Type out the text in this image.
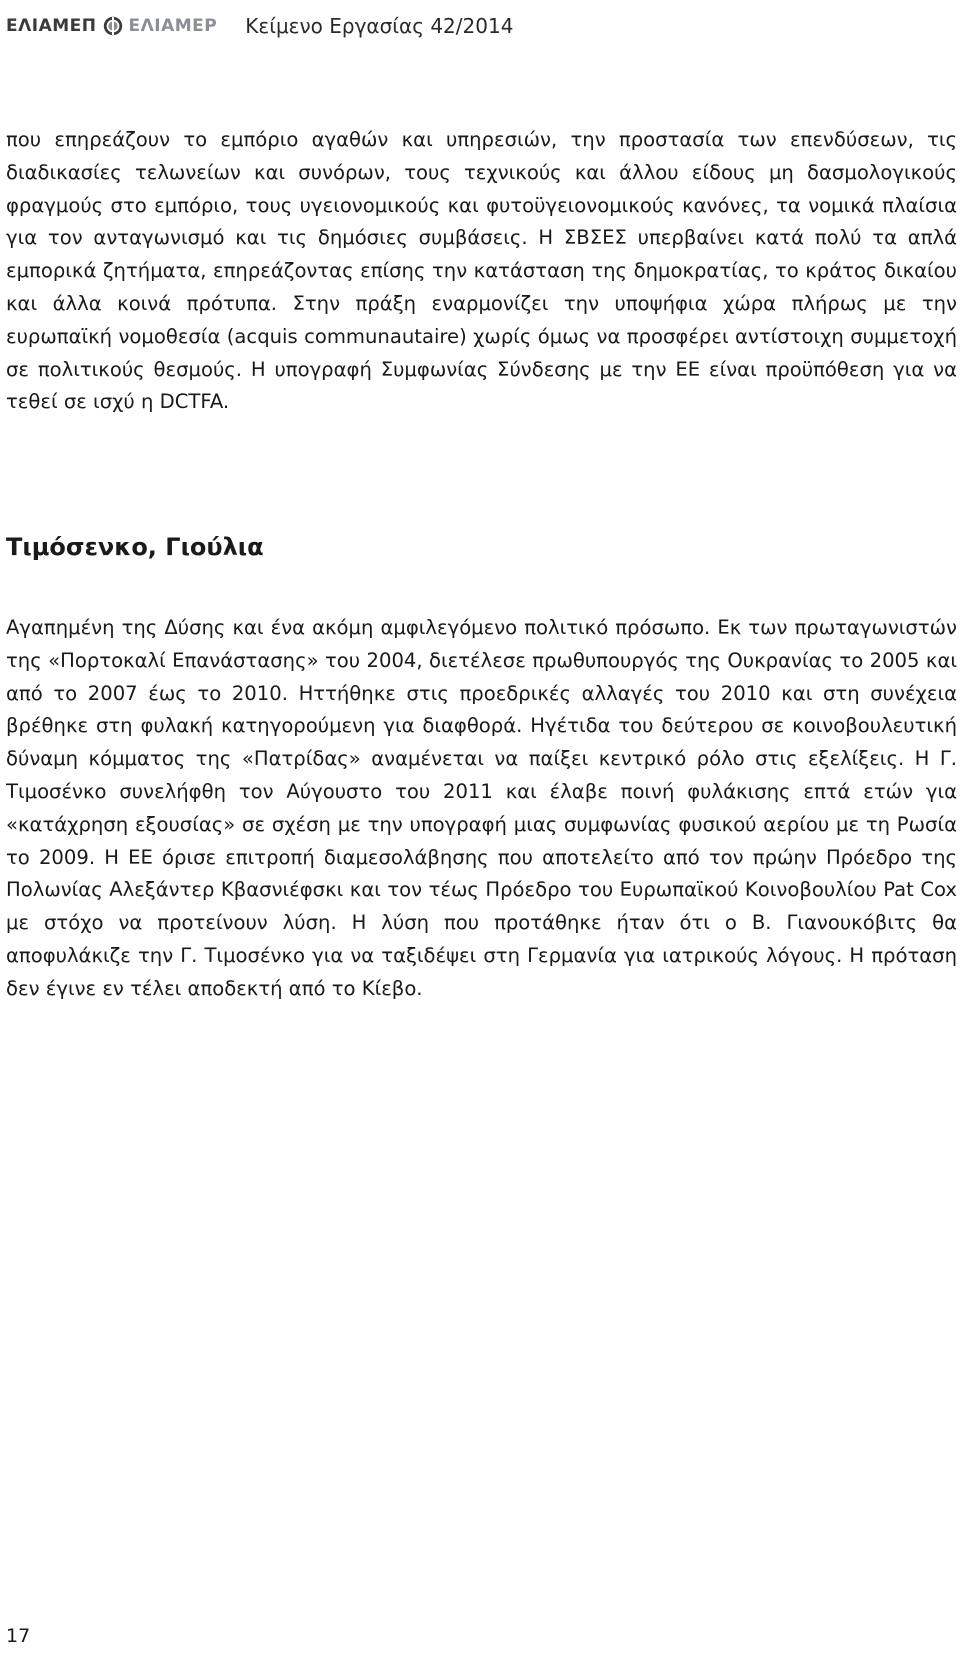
ΕΛΙΑΜΕΠ ΕΛΙΑΜΕΡ Κείμενο Εργασίας 42/2014

που επηρεάζουν το εμπόριο αγαθών και υπηρεσιών, την προστασία των επενδύσεων, τις διαδικασίες τελωνείων και συνόρων, τους τεχνικούς και άλλου είδους μη δασμολογικούς φραγμούς στο εμπόριο, τους υγειονομικούς και φυτοϋγειονομικούς κανόνες, τα νομικά πλαίσια για τον ανταγωνισμό και τις δημόσιες συμβάσεις. Η ΣΒΣΕΣ υπερβαίνει κατά πολύ τα απλά εμπορικά ζητήματα, επηρεάζοντας επίσης την κατάσταση της δημοκρατίας, το κράτος δικαίου και άλλα κοινά πρότυπα. Στην πράξη εναρμονίζει την υποψήφια χώρα πλήρως με την ευρωπαϊκή νομοθεσία (acquis communautaire) χωρίς όμως να προσφέρει αντίστοιχη συμμετοχή σε πολιτικούς θεσμούς. Η υπογραφή Συμφωνίας Σύνδεσης με την ΕΕ είναι προϋπόθεση για να τεθεί σε ισχύ η DCTFA.

Τιμόσενκο, Γιούλια

Αγαπημένη της Δύσης και ένα ακόμη αμφιλεγόμενο πολιτικό πρόσωπο. Εκ των πρωταγωνιστών της «Πορτοκαλί Επανάστασης» του 2004, διετέλεσε πρωθυπουργός της Ουκρανίας το 2005 και από το 2007 έως το 2010. Ηττήθηκε στις προεδρικές αλλαγές του 2010 και στη συνέχεια βρέθηκε στη φυλακή κατηγορούμενη για διαφθορά. Ηγέτιδα του δεύτερου σε κοινοβουλευτική δύναμη κόμματος της «Πατρίδας» αναμένεται να παίξει κεντρικό ρόλο στις εξελίξεις. Η Γ. Τιμοσένκο συνελήφθη τον Αύγουστο του 2011 και έλαβε ποινή φυλάκισης επτά ετών για «κατάχρηση εξουσίας» σε σχέση με την υπογραφή μιας συμφωνίας φυσικού αερίου με τη Ρωσία το 2009. Η ΕΕ όρισε επιτροπή διαμεσολάβησης που αποτελείτο από τον πρώην Πρόεδρο της Πολωνίας Αλεξάντερ Κβασνιέφσκι και τον τέως Πρόεδρο του Ευρωπαϊκού Κοινοβουλίου Pat Cox με στόχο να προτείνουν λύση. Η λύση που προτάθηκε ήταν ότι ο Β. Γιανουκόβιτς θα αποφυλάκιζε την Γ. Τιμοσένκο για να ταξιδέψει στη Γερμανία για ιατρικούς λόγους. Η πρόταση δεν έγινε εν τέλει αποδεκτή από το Κίεβο.

17
